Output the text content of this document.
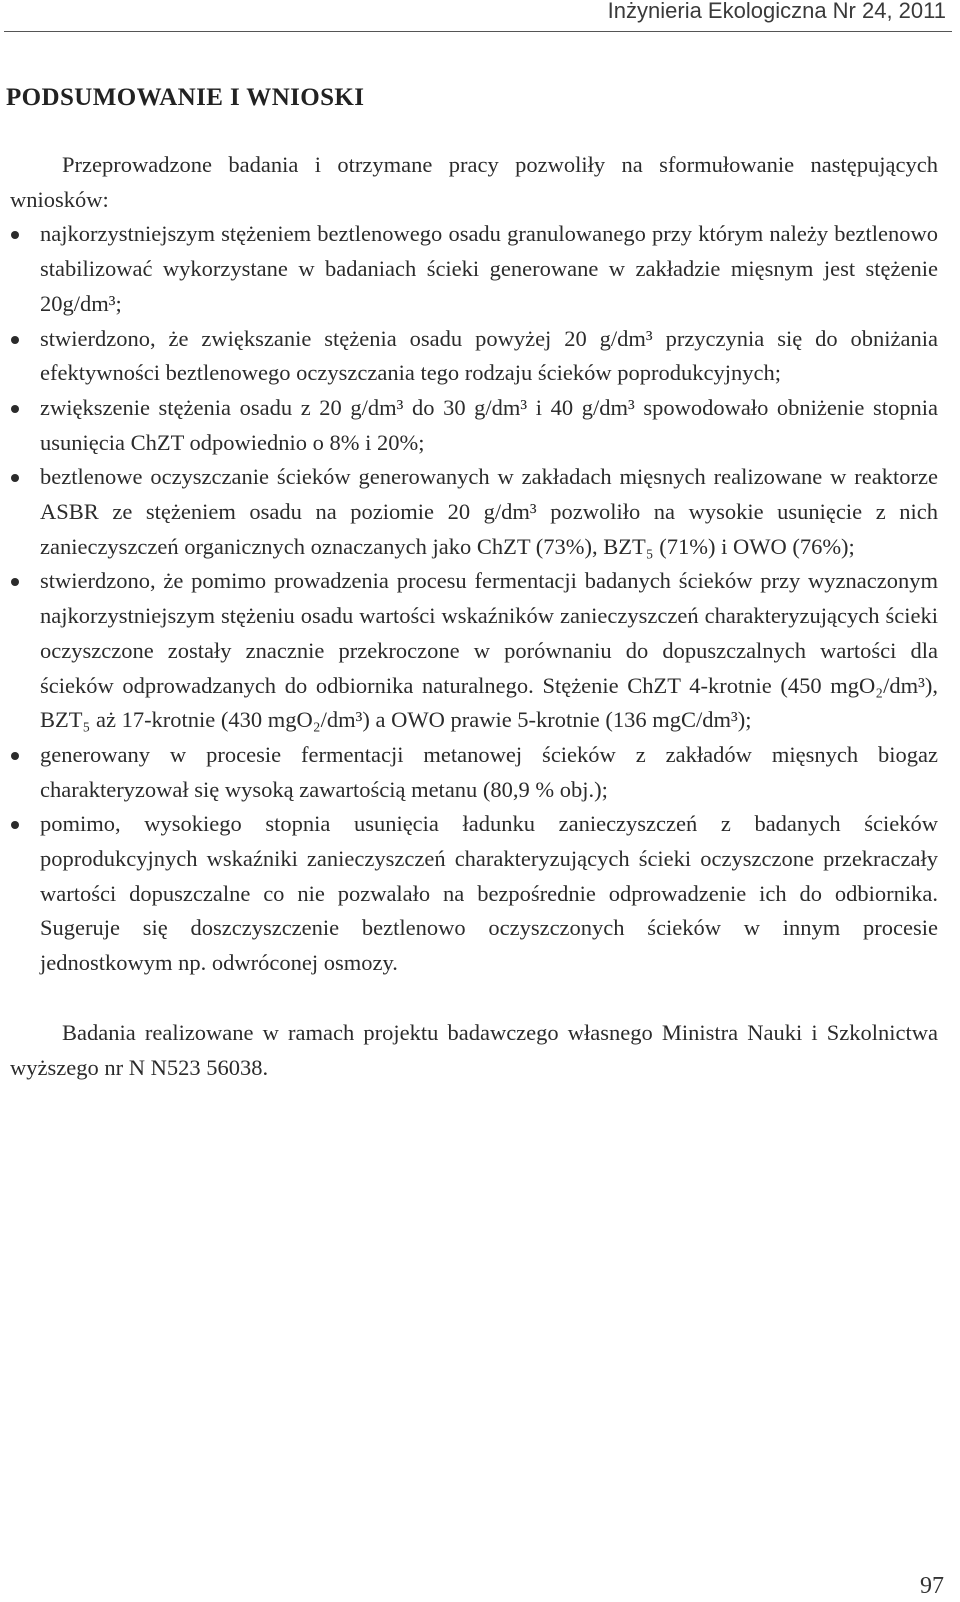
Inżynieria Ekologiczna Nr 24, 2011
PODSUMOWANIE I WNIOSKI

Przeprowadzone badania i otrzymane pracy pozwoliły na sformułowanie następujących wniosków:

najkorzystniejszym stężeniem beztlenowego osadu granulowanego przy którym należy beztlenowo stabilizować wykorzystane w badaniach ścieki generowane w zakładzie mięsnym jest stężenie 20g/dm³;
stwierdzono, że zwiększanie stężenia osadu powyżej 20 g/dm³ przyczynia się do obniżania efektywności beztlenowego oczyszczania tego rodzaju ścieków poprodukcyjnych;
zwiększenie stężenia osadu z 20 g/dm³ do 30 g/dm³ i 40 g/dm³ spowodowało obniżenie stopnia usunięcia ChZT odpowiednio o 8% i 20%;
beztlenowe oczyszczanie ścieków generowanych w zakładach mięsnych realizowane w reaktorze ASBR ze stężeniem osadu na poziomie 20 g/dm³ pozwoliło na wysokie usunięcie z nich zanieczyszczeń organicznych oznaczanych jako ChZT (73%), BZT₅ (71%) i OWO (76%);
stwierdzono, że pomimo prowadzenia procesu fermentacji badanych ścieków przy wyznaczonym najkorzystniejszym stężeniu osadu wartości wskaźników zanieczyszczeń charakteryzujących ścieki oczyszczone zostały znacznie przekroczone w porównaniu do dopuszczalnych wartości dla ścieków odprowadzanych do odbiornika naturalnego. Stężenie ChZT 4-krotnie (450 mgO₂/dm³), BZT₅ aż 17-krotnie (430 mgO₂/dm³) a OWO prawie 5-krotnie (136 mgC/dm³);
generowany w procesie fermentacji metanowej ścieków z zakładów mięsnych biogaz charakteryzował się wysoką zawartością metanu (80,9 % obj.);
pomimo, wysokiego stopnia usunięcia ładunku zanieczyszczeń z badanych ścieków poprodukcyjnych wskaźniki zanieczyszczeń charakteryzujących ścieki oczyszczone przekraczały wartości dopuszczalne co nie pozwalało na bezpośrednie odprowadzenie ich do odbiornika. Sugeruje się doszczyszczenie beztlenowo oczyszczonych ścieków w innym procesie jednostkowym np. odwróconej osmozy.

Badania realizowane w ramach projektu badawczego własnego Ministra Nauki i Szkolnictwa wyższego nr N N523 56038.

97
